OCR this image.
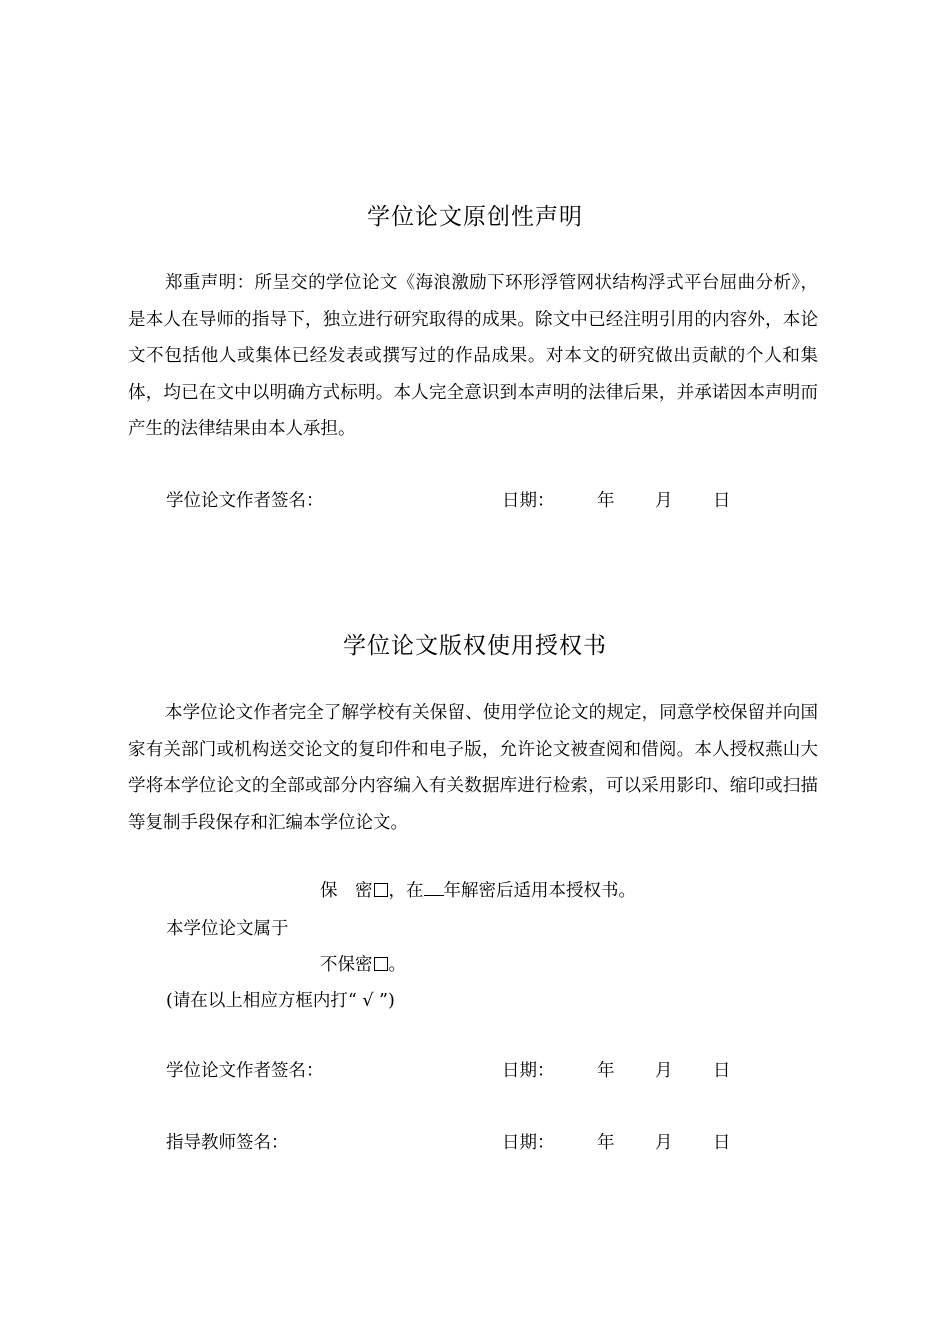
学位论文原创性声明

郑重声明：所呈交的学位论文《海浪激励下环形浮管网状结构浮式平台屈曲分析》，是本人在导师的指导下，独立进行研究取得的成果。除文中已经注明引用的内容外，本论文不包括他人或集体已经发表或撰写过的作品成果。对本文的研究做出贡献的个人和集体，均已在文中以明确方式标明。本人完全意识到本声明的法律后果，并承诺因本声明而产生的法律结果由本人承担。

学位论文作者签名：	日期： 年 月 日
学位论文版权使用授权书

本学位论文作者完全了解学校有关保留、使用学位论文的规定，同意学校保留并向国家有关部门或机构送交论文的复印件和电子版，允许论文被查阅和借阅。本人授权燕山大学将本学位论文的全部或部分内容编入有关数据库进行检索，可以采用影印、缩印或扫描等复制手段保存和汇编本学位论文。

保　密 ，在 年解密后适用本授权书。
本学位论文属于
不保密 。
(请在以上相应方框内打“ √ ”)
学位论文作者签名：	日期： 年 月 日
指导教师签名：	日期： 年 月 日
